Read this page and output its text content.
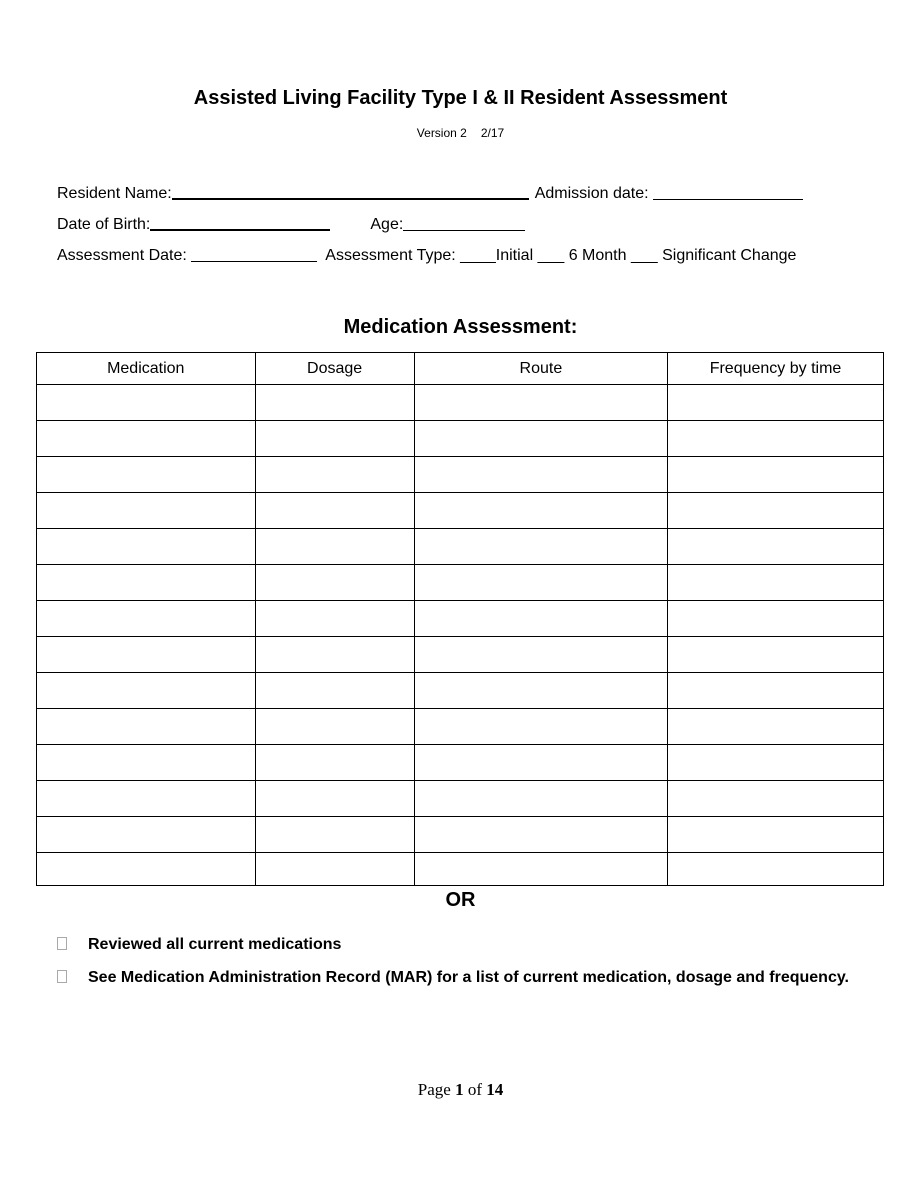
Assisted Living Facility Type I & II Resident Assessment
Version 2 2/17
Resident Name:	Admission date:
Date of Birth:	Age:
Assessment Date:	Assessment Type: ____Initial ___ 6 Month ___ Significant Change
Medication Assessment:
Medication	Dosage	Route	Frequency by time

OR
Reviewed all current medications
See Medication Administration Record (MAR) for a list of current medication, dosage and frequency.
Page 1 of 14
